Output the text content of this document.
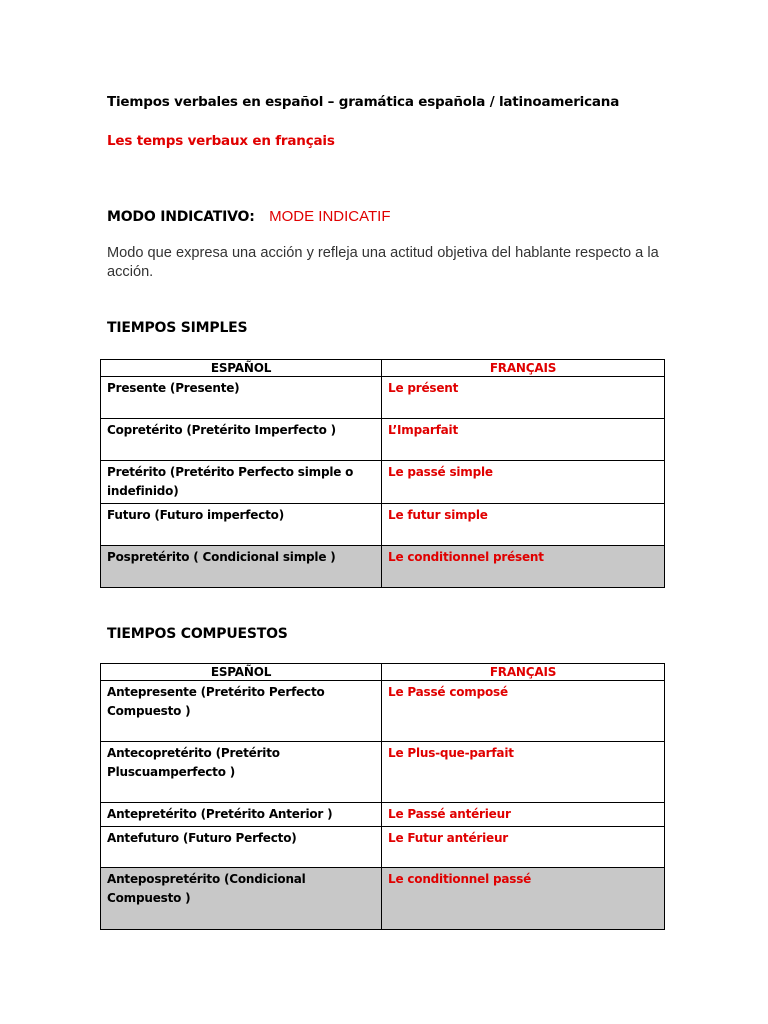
Tiempos verbales en español – gramática española / latinoamericana
Les temps verbaux en français
MODO INDICATIVO: MODE INDICATIF
Modo que expresa una acción y refleja una actitud objetiva del hablante respecto a la acción.
TIEMPOS SIMPLES
ESPAÑOL	FRANÇAIS
Presente (Presente)	Le présent
Copretérito (Pretérito Imperfecto )	L’Imparfait
Pretérito (Pretérito Perfecto simple o indefinido)	Le passé simple
Futuro (Futuro imperfecto)	Le futur simple
Pospretérito ( Condicional simple )	Le conditionnel présent
TIEMPOS COMPUESTOS
ESPAÑOL	FRANÇAIS
Antepresente (Pretérito Perfecto Compuesto )	Le Passé composé
Antecopretérito (Pretérito Pluscuamperfecto )	Le Plus-que-parfait
Antepretérito (Pretérito Anterior )	Le Passé antérieur
Antefuturo (Futuro Perfecto)	Le Futur antérieur
Antepospretérito (Condicional Compuesto )	Le conditionnel passé
